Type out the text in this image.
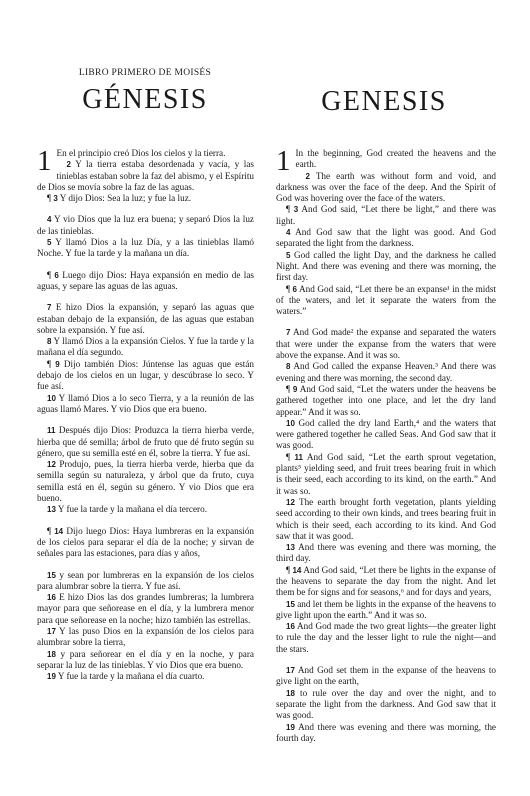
LIBRO PRIMERO DE MOISÉS
GÉNESIS	GENESIS

1 En el principio creó Dios los cielos y la tierra.

2 Y la tierra estaba desordenada y vacía, y las tinieblas estaban sobre la faz del abismo, y el Espíritu de Dios se movía sobre la faz de las aguas.

¶ 3 Y dijo Dios: Sea la luz; y fue la luz.

4 Y vio Dios que la luz era buena; y separó Dios la luz de las tinieblas.

5 Y llamó Dios a la luz Día, y a las tinieblas llamó Noche. Y fue la tarde y la mañana un día.

¶ 6 Luego dijo Dios: Haya expansión en medio de las aguas, y separe las aguas de las aguas.

7 E hizo Dios la expansión, y separó las aguas que estaban debajo de la expansión, de las aguas que estaban sobre la expansión. Y fue así.

8 Y llamó Dios a la expansión Cielos. Y fue la tarde y la mañana el día segundo.

¶ 9 Dijo también Dios: Júntense las aguas que están debajo de los cielos en un lugar, y descúbrase lo seco. Y fue así.

10 Y llamó Dios a lo seco Tierra, y a la reunión de las aguas llamó Mares. Y vio Dios que era bueno.

11 Después dijo Dios: Produzca la tierra hierba verde, hierba que dé semilla; árbol de fruto que dé fruto según su género, que su semilla esté en él, sobre la tierra. Y fue así.

12 Produjo, pues, la tierra hierba verde, hierba que da semilla según su naturaleza, y árbol que da fruto, cuya semilla está en él, según su género. Y vio Dios que era bueno.

13 Y fue la tarde y la mañana el día tercero.

¶ 14 Dijo luego Dios: Haya lumbreras en la expansión de los cielos para separar el día de la noche; y sirvan de señales para las estaciones, para días y años,

15 y sean por lumbreras en la expansión de los cielos para alumbrar sobre la tierra. Y fue así.

16 E hizo Dios las dos grandes lumbreras; la lumbrera mayor para que señorease en el día, y la lumbrera menor para que señorease en la noche; hizo también las estrellas.

17 Y las puso Dios en la expansión de los cielos para alumbrar sobre la tierra,

18 y para señorear en el día y en la noche, y para separar la luz de las tinieblas. Y vio Dios que era bueno.

19 Y fue la tarde y la mañana el día cuarto.

1 In the beginning, God created the heavens and the earth.

2 The earth was without form and void, and darkness was over the face of the deep. And the Spirit of God was hovering over the face of the waters.

¶ 3 And God said, “Let there be light,” and there was light.

4 And God saw that the light was good. And God separated the light from the darkness.

5 God called the light Day, and the darkness he called Night. And there was evening and there was morning, the first day.

¶ 6 And God said, “Let there be an expanse¹ in the midst of the waters, and let it separate the waters from the waters.”

7 And God made² the expanse and separated the waters that were under the expanse from the waters that were above the expanse. And it was so.

8 And God called the expanse Heaven.³ And there was evening and there was morning, the second day.

¶ 9 And God said, “Let the waters under the heavens be gathered together into one place, and let the dry land appear.” And it was so.

10 God called the dry land Earth,⁴ and the waters that were gathered together he called Seas. And God saw that it was good.

¶ 11 And God said, “Let the earth sprout vegetation, plants⁵ yielding seed, and fruit trees bearing fruit in which is their seed, each according to its kind, on the earth.” And it was so.

12 The earth brought forth vegetation, plants yielding seed according to their own kinds, and trees bearing fruit in which is their seed, each according to its kind. And God saw that it was good.

13 And there was evening and there was morning, the third day.

¶ 14 And God said, “Let there be lights in the expanse of the heavens to separate the day from the night. And let them be for signs and for seasons,⁶ and for days and years,

15 and let them be lights in the expanse of the heavens to give light upon the earth.” And it was so.

16 And God made the two great lights—the greater light to rule the day and the lesser light to rule the night—and the stars.

17 And God set them in the expanse of the heavens to give light on the earth,

18 to rule over the day and over the night, and to separate the light from the darkness. And God saw that it was good.

19 And there was evening and there was morning, the fourth day.
